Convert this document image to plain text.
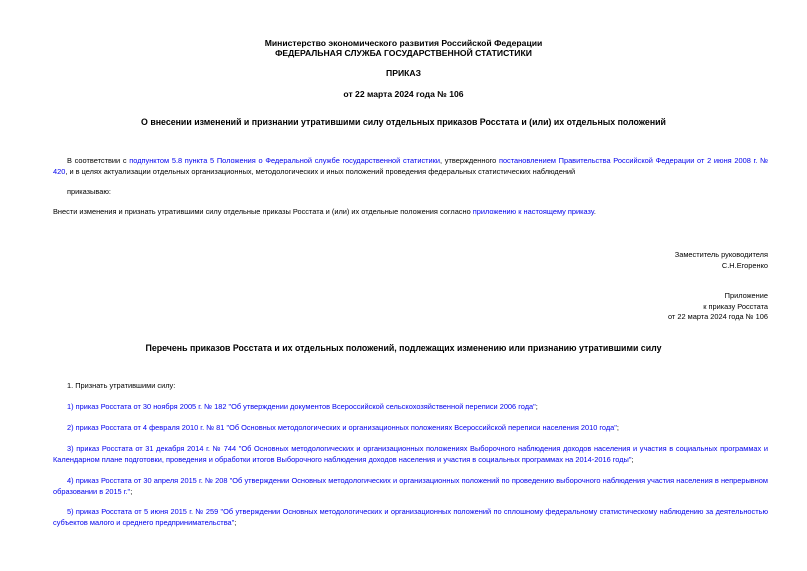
Министерство экономического развития Российской Федерации
ФЕДЕРАЛЬНАЯ СЛУЖБА ГОСУДАРСТВЕННОЙ СТАТИСТИКИ
ПРИКАЗ
от 22 марта 2024 года № 106
О внесении изменений и признании утратившими силу отдельных приказов Росстата и (или) их отдельных положений
В соответствии с подпунктом 5.8 пункта 5 Положения о Федеральной службе государственной статистики, утвержденного постановлением Правительства Российской Федерации от 2 июня 2008 г. № 420, и в целях актуализации отдельных организационных, методологических и иных положений проведения федеральных статистических наблюдений
приказываю:
Внести изменения и признать утратившими силу отдельные приказы Росстата и (или) их отдельные положения согласно приложению к настоящему приказу.
Заместитель руководителя
С.Н.Егоренко
Приложение
к приказу Росстата
от 22 марта 2024 года № 106
Перечень приказов Росстата и их отдельных положений, подлежащих изменению или признанию утратившими силу
1. Признать утратившими силу:
1) приказ Росстата от 30 ноября 2005 г. № 182 "Об утверждении документов Всероссийской сельскохозяйственной переписи 2006 года";
2) приказ Росстата от 4 февраля 2010 г. № 81 "Об Основных методологических и организационных положениях Всероссийской переписи населения 2010 года";
3) приказ Росстата от 31 декабря 2014 г. № 744 "Об Основных методологических и организационных положениях Выборочного наблюдения доходов населения и участия в социальных программах и Календарном плане подготовки, проведения и обработки итогов Выборочного наблюдения доходов населения и участия в социальных программах на 2014-2016 годы";
4) приказ Росстата от 30 апреля 2015 г. № 208 "Об утверждении Основных методологических и организационных положений по проведению выборочного наблюдения участия населения в непрерывном образовании в 2015 г.";
5) приказ Росстата от 5 июня 2015 г. № 259 "Об утверждении Основных методологических и организационных положений по сплошному федеральному статистическому наблюдению за деятельностью субъектов малого и среднего предпринимательства";
